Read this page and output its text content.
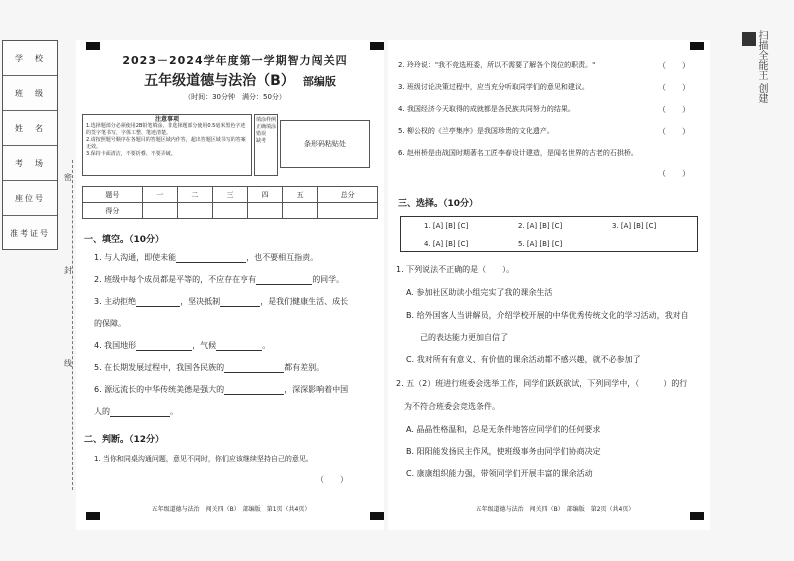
学　校
班　级
姓　名
考　场
座位号
准考证号
密
封
线
2023－2024学年度第一学期智力闯关四
五年级道德与法治（B） 部编版
（时间：30分钟　满分：50分）
注意事项
1.选择题部分必须使用2B铅笔填涂，非选择题部分使用0.5毫米黑色字迹的签字笔书写，字体工整、笔迹清楚。
2.请按照题号顺序在各题目的答题区域内作答，超出答题区域书写的答案无效。
3.保持卡面清洁，不要折叠、不要弄破。
填涂样例
正确填涂
错误
缺考	条形码粘贴处
题号	一	二	三	四	五	总分
得分						
一、填空。（10分）
1. 与人沟通，即使未能	，也不要相互指责。
2. 班级中每个成员都是平等的，不应存在亨有	的同学。
3. 主动拒绝	，坚决抵制	，是我们健康生活、成长
的保障。
4. 我国地形	，气候	。
5. 在长期发展过程中，我国各民族的	都有差别。
6. 源远流长的中华传统美德是强大的	，深深影响着中国
人的	。
二、判断。（12分）
1. 当你和同桌沟通问题，意见不同时，你们应该继续坚持自己的意见。
（　　）
五年级道德与法治　闯关四（B）　部编版　第1页（共4页）
2. 玲玲说："我不竞选班委，所以不需要了解各个岗位的职责。"	（　　）
3. 班级讨论决策过程中，应当充分听取同学们的意见和建议。	（　　）
4. 我国经济今天取得的成就都是各民族共同努力的结果。	（　　）
5. 柳公权的《兰亭集序》是我国珍贵的文化遗产。	（　　）
6. 赵州桥是由战国时期著名工匠李春设计建造，是闻名世界的古老的石拱桥。
（　　）
三、选择。（10分）
1. [A] [B] [C]	2. [A] [B] [C]	3. [A] [B] [C]
4. [A] [B] [C]	5. [A] [B] [C]
1. 下列说法不正确的是（　　）。
A. 参加社区助读小组完实了我的课余生活
B. 给外国客人当讲解员，介绍学校开展的中华优秀传统文化的学习活动，我对自
己的表达能力更加自信了
C. 我对所有有意义、有价值的课余活动都不感兴趣，就不必参加了
2. 五（2）班进行班委会选举工作，同学们跃跃欲试，下列同学中，（　　　）的行
为不符合班委会竞选条件。
A. 晶晶性格温和，总是无条件地答应同学们的任何要求
B. 阳阳能发扬民主作风，使班级事务由同学们协商决定
C. 康康组织能力强，带领同学们开展丰富的课余活动
五年级道德与法治　闯关四（B）　部编版　第2页（共4页）
扫描全能王 创建
